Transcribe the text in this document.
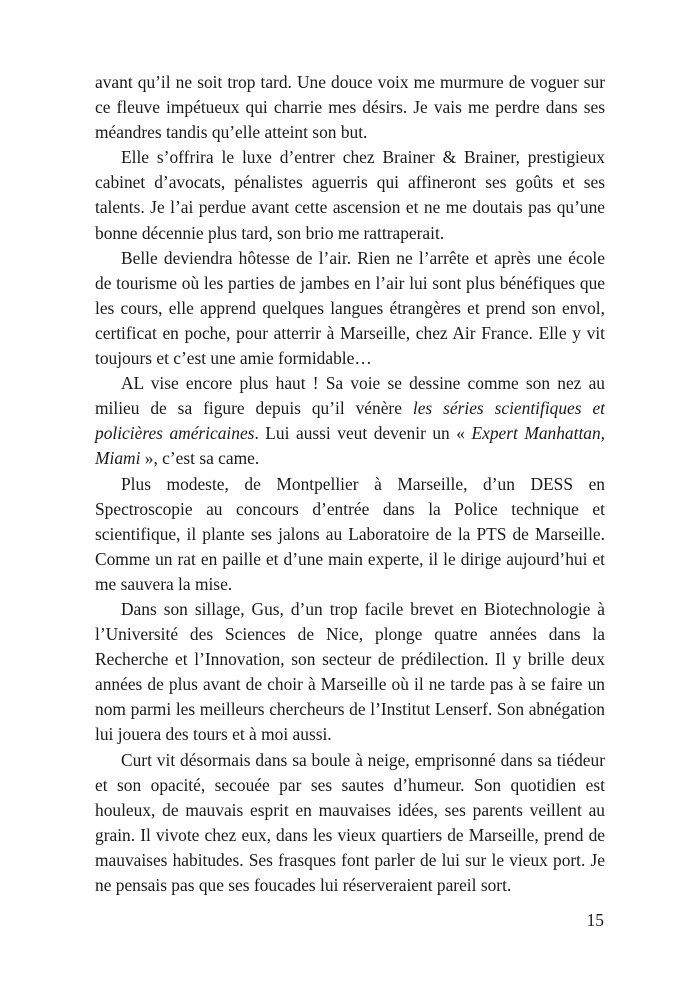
avant qu’il ne soit trop tard. Une douce voix me murmure de voguer sur ce fleuve impétueux qui charrie mes désirs. Je vais me perdre dans ses méandres tandis qu’elle atteint son but.

Elle s’offrira le luxe d’entrer chez Brainer & Brainer, prestigieux cabinet d’avocats, pénalistes aguerris qui affineront ses goûts et ses talents. Je l’ai perdue avant cette ascension et ne me doutais pas qu’une bonne décennie plus tard, son brio me rattraperait.

Belle deviendra hôtesse de l’air. Rien ne l’arrête et après une école de tourisme où les parties de jambes en l’air lui sont plus bénéfiques que les cours, elle apprend quelques langues étrangères et prend son envol, certificat en poche, pour atterrir à Marseille, chez Air France. Elle y vit toujours et c’est une amie formidable…

AL vise encore plus haut ! Sa voie se dessine comme son nez au milieu de sa figure depuis qu’il vénère les séries scientifiques et policières américaines. Lui aussi veut devenir un « Expert Manhattan, Miami », c’est sa came.

Plus modeste, de Montpellier à Marseille, d’un DESS en Spectroscopie au concours d’entrée dans la Police technique et scientifique, il plante ses jalons au Laboratoire de la PTS de Marseille. Comme un rat en paille et d’une main experte, il le dirige aujourd’hui et me sauvera la mise.

Dans son sillage, Gus, d’un trop facile brevet en Biotechnologie à l’Université des Sciences de Nice, plonge quatre années dans la Recherche et l’Innovation, son secteur de prédilection. Il y brille deux années de plus avant de choir à Marseille où il ne tarde pas à se faire un nom parmi les meilleurs chercheurs de l’Institut Lenserf. Son abnégation lui jouera des tours et à moi aussi.

Curt vit désormais dans sa boule à neige, emprisonné dans sa tiédeur et son opacité, secouée par ses sautes d’humeur. Son quotidien est houleux, de mauvais esprit en mauvaises idées, ses parents veillent au grain. Il vivote chez eux, dans les vieux quartiers de Marseille, prend de mauvaises habitudes. Ses frasques font parler de lui sur le vieux port. Je ne pensais pas que ses foucades lui réserveraient pareil sort.

15
